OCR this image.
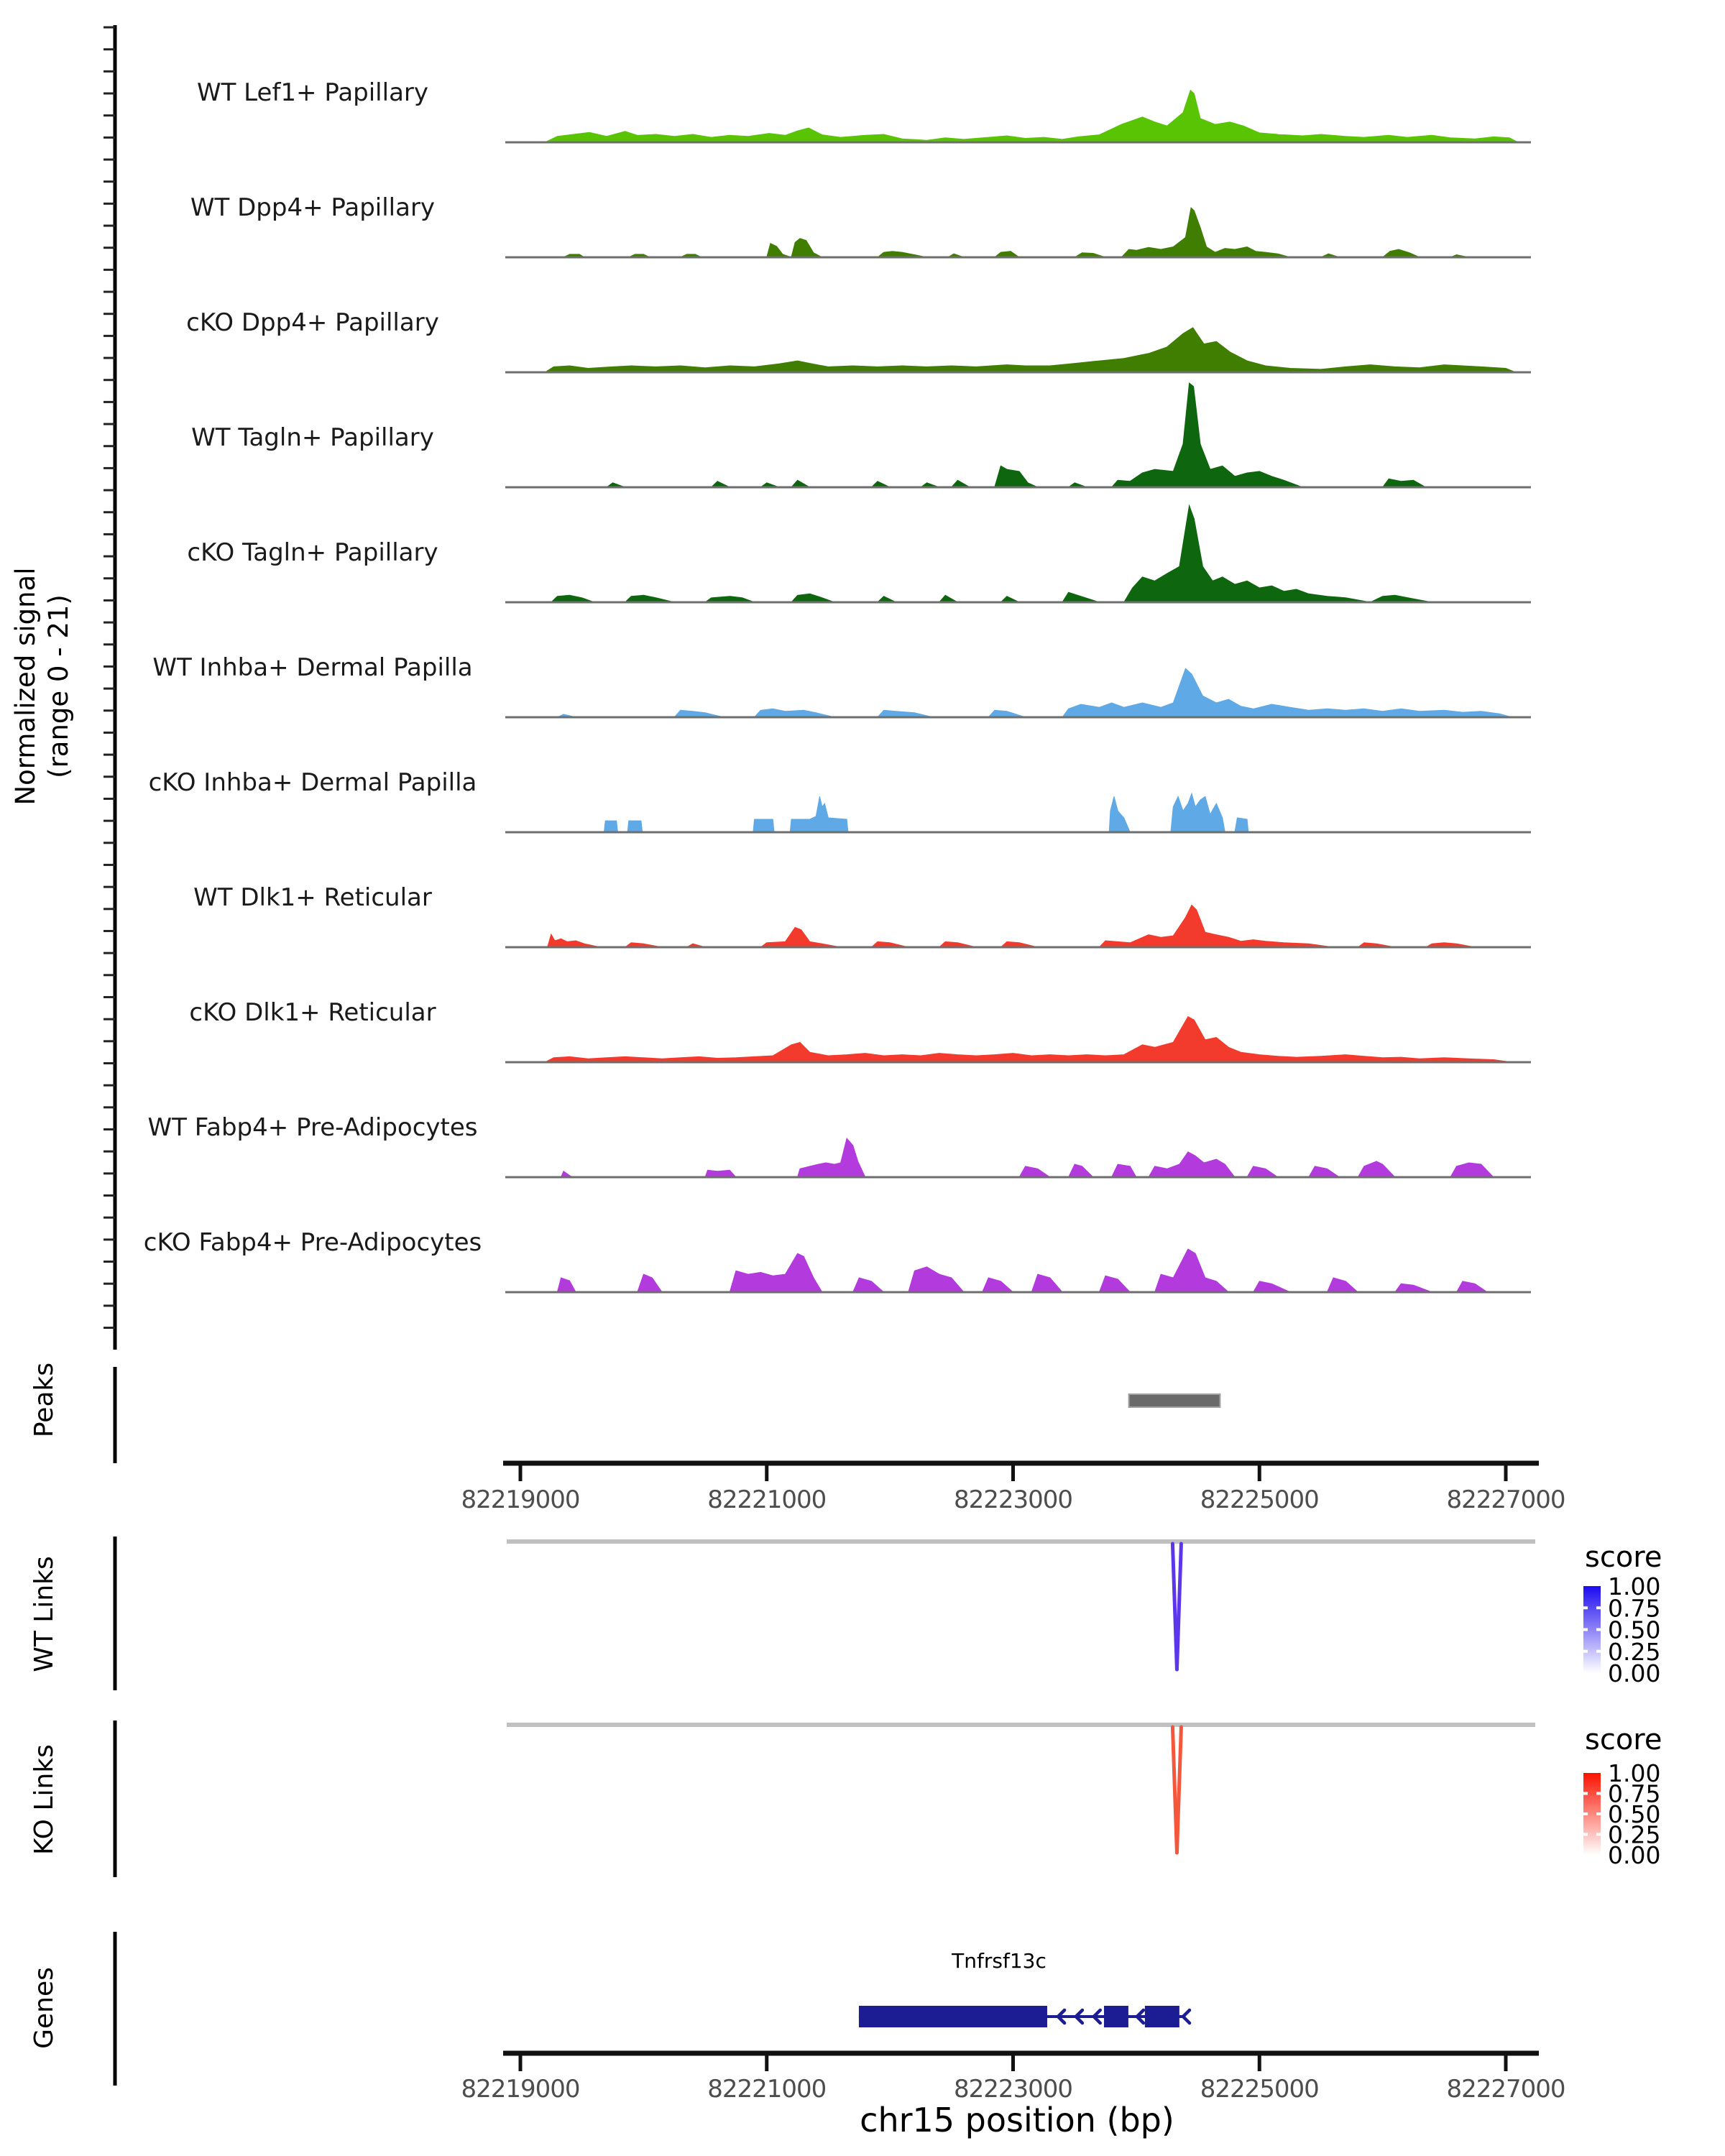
WT Lef1+ Papillary
WT Dpp4+ Papillary
cKO Dpp4+ Papillary
WT Tagln+ Papillary
cKO Tagln+ Papillary
WT Inhba+ Dermal Papilla
cKO Inhba+ Dermal Papilla
WT Dlk1+ Reticular
cKO Dlk1+ Reticular
WT Fabp4+ Pre-Adipocytes
cKO Fabp4+ Pre-Adipocytes
82219000	82221000	82223000	82225000	82227000
82219000	82221000	82223000	82225000	82227000
1.00
0.75
0.50
0.25
0.00
1.00
0.75
0.50
0.25
0.00
Normalized signal (range 0 - 21)
Peaks
WT Links
KO Links
Genes
score
score
Tnfrsf13c
chr15 position (bp)
